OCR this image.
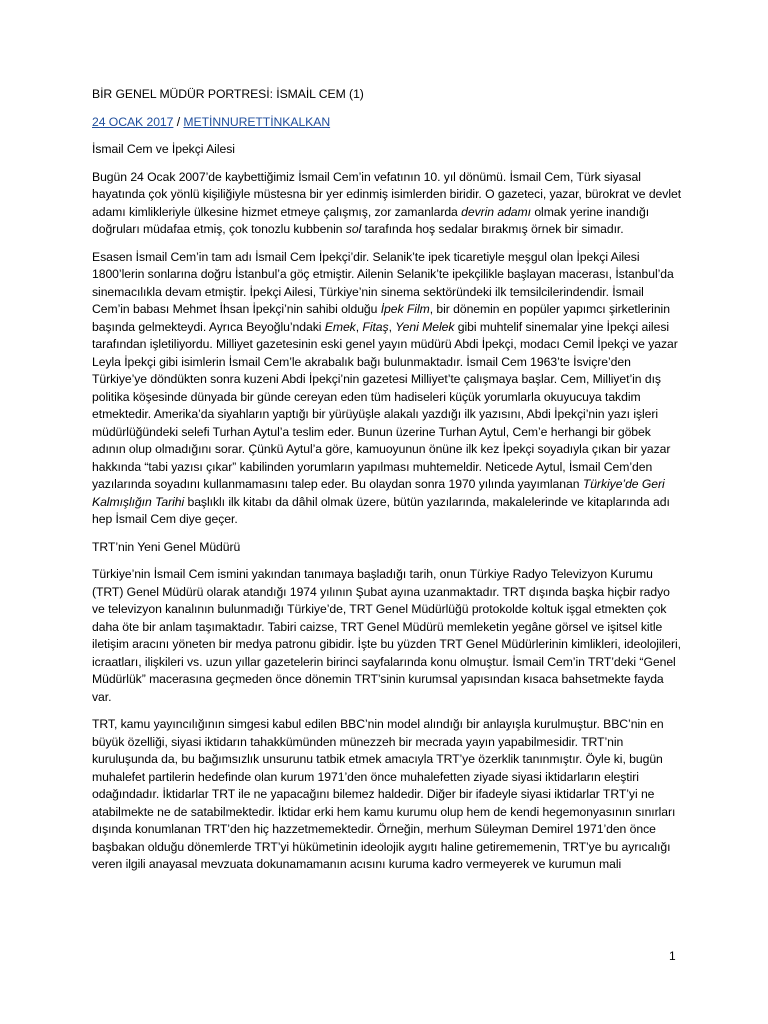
BİR GENEL MÜDÜR PORTRESİ: İSMAİL CEM (1)
24 OCAK 2017 / METİNNURETTİNKALKAN
İsmail Cem ve İpekçi Ailesi

Bugün 24 Ocak 2007’de kaybettiğimiz İsmail Cem’in vefatının 10. yıl dönümü. İsmail Cem, Türk siyasal hayatında çok yönlü kişiliğiyle müstesna bir yer edinmiş isimlerden biridir. O gazeteci, yazar, bürokrat ve devlet adamı kimlikleriyle ülkesine hizmet etmeye çalışmış, zor zamanlarda devrin adamı olmak yerine inandığı doğruları müdafaa etmiş, çok tonozlu kubbenin sol tarafında hoş sedalar bırakmış örnek bir simadır.

Esasen İsmail Cem’in tam adı İsmail Cem İpekçi’dir. Selanik’te ipek ticaretiyle meşgul olan İpekçi Ailesi 1800’lerin sonlarına doğru İstanbul’a göç etmiştir. Ailenin Selanik’te ipekçilikle başlayan macerası, İstanbul’da sinemacılıkla devam etmiştir. İpekçi Ailesi, Türkiye’nin sinema sektöründeki ilk temsilcilerindendir. İsmail Cem’in babası Mehmet İhsan İpekçi’nin sahibi olduğu İpek Film, bir dönemin en popüler yapımcı şirketlerinin başında gelmekteydi. Ayrıca Beyoğlu’ndaki Emek, Fitaş, Yeni Melek gibi muhtelif sinemalar yine İpekçi ailesi tarafından işletiliyordu. Milliyet gazetesinin eski genel yayın müdürü Abdi İpekçi, modacı Cemil İpekçi ve yazar Leyla İpekçi gibi isimlerin İsmail Cem’le akrabalık bağı bulunmaktadır. İsmail Cem 1963’te İsviçre’den Türkiye’ye döndükten sonra kuzeni Abdi İpekçi’nin gazetesi Milliyet’te çalışmaya başlar. Cem, Milliyet’in dış politika köşesinde dünyada bir günde cereyan eden tüm hadiseleri küçük yorumlarla okuyucuya takdim etmektedir. Amerika’da siyahların yaptığı bir yürüyüşle alakalı yazdığı ilk yazısını, Abdi İpekçi’nin yazı işleri müdürlüğündeki selefi Turhan Aytul’a teslim eder. Bunun üzerine Turhan Aytul, Cem’e herhangi bir göbek adının olup olmadığını sorar. Çünkü Aytul’a göre, kamuoyunun önüne ilk kez İpekçi soyadıyla çıkan bir yazar hakkında “tabi yazısı çıkar” kabilinden yorumların yapılması muhtemeldir. Neticede Aytul, İsmail Cem’den yazılarında soyadını kullanmamasını talep eder. Bu olaydan sonra 1970 yılında yayımlanan Türkiye’de Geri Kalmışlığın Tarihi başlıklı ilk kitabı da dâhil olmak üzere, bütün yazılarında, makalelerinde ve kitaplarında adı hep İsmail Cem diye geçer.

TRT’nin Yeni Genel Müdürü

Türkiye’nin İsmail Cem ismini yakından tanımaya başladığı tarih, onun Türkiye Radyo Televizyon Kurumu (TRT) Genel Müdürü olarak atandığı 1974 yılının Şubat ayına uzanmaktadır. TRT dışında başka hiçbir radyo ve televizyon kanalının bulunmadığı Türkiye’de, TRT Genel Müdürlüğü protokolde koltuk işgal etmekten çok daha öte bir anlam taşımaktadır. Tabiri caizse, TRT Genel Müdürü memleketin yegâne görsel ve işitsel kitle iletişim aracını yöneten bir medya patronu gibidir. İşte bu yüzden TRT Genel Müdürlerinin kimlikleri, ideolojileri, icraatları, ilişkileri vs. uzun yıllar gazetelerin birinci sayfalarında konu olmuştur. İsmail Cem’in TRT’deki “Genel Müdürlük” macerasına geçmeden önce dönemin TRT’sinin kurumsal yapısından kısaca bahsetmekte fayda var.

TRT, kamu yayıncılığının simgesi kabul edilen BBC’nin model alındığı bir anlayışla kurulmuştur. BBC’nin en büyük özelliği, siyasi iktidarın tahakkümünden münezzeh bir mecrada yayın yapabilmesidir. TRT’nin kuruluşunda da, bu bağımsızlık unsurunu tatbik etmek amacıyla TRT’ye özerklik tanınmıştır. Öyle ki, bugün muhalefet partilerin hedefinde olan kurum 1971’den önce muhalefetten ziyade siyasi iktidarların eleştiri odağındadır. İktidarlar TRT ile ne yapacağını bilemez haldedir. Diğer bir ifadeyle siyasi iktidarlar TRT’yi ne atabilmekte ne de satabilmektedir. İktidar erki hem kamu kurumu olup hem de kendi hegemonyasının sınırları dışında konumlanan TRT’den hiç hazzetmemektedir. Örneğin, merhum Süleyman Demirel 1971’den önce başbakan olduğu dönemlerde TRT’yi hükümetinin ideolojik aygıtı haline getirememenin, TRT’ye bu ayrıcalığı veren ilgili anayasal mevzuata dokunamamanın acısını kuruma kadro vermeyerek ve kurumun mali

1
